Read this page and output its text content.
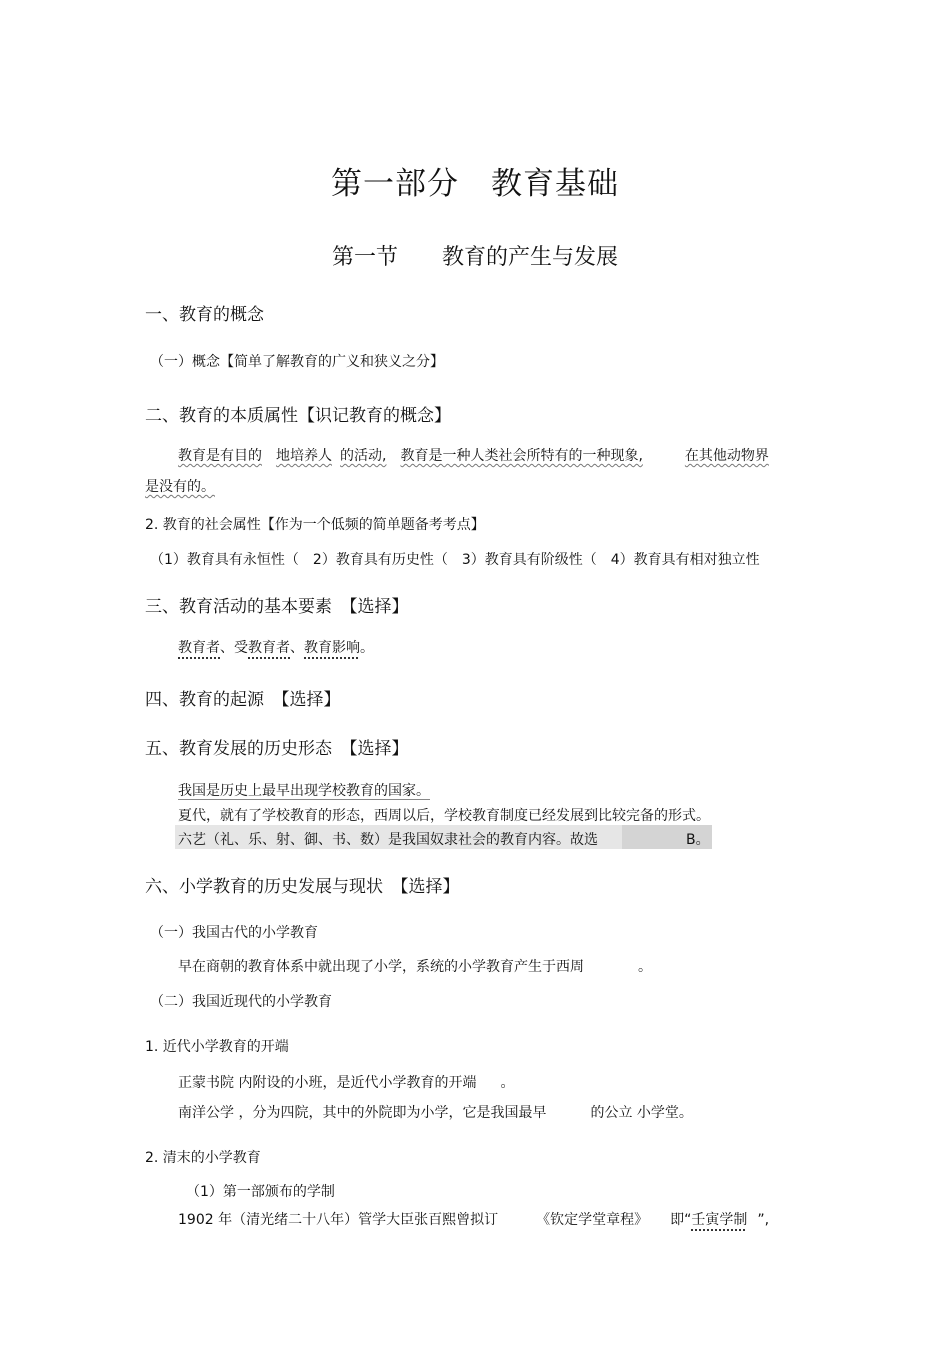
第一部分　教育基础
第一节　　教育的产生与发展
一、教育的概念
（一）概念【简单了解教育的广义和狭义之分】
二、教育的本质属性【识记教育的概念】
教育是有目的 地培养人 的活动, 教育是一种人类社会所特有的一种现象,	在其他动物界
是没有的。
2. 教育的社会属性【作为一个低频的简单题备考考点】
（1）教育具有永恒性（　2）教育具有历史性（　3）教育具有阶级性（　4）教育具有相对独立性
三、教育活动的基本要素　【选择】
教育者、受教育者、教育影响。
四、教育的起源　【选择】
五、教育发展的历史形态　【选择】
我国是历史上最早出现学校教育的国家。
夏代，就有了学校教育的形态，西周以后，学校教育制度已经发展到比较完备的形式。
六艺（礼、乐、射、御、书、数）是我国奴隶社会的教育内容。故选	B。
六、小学教育的历史发展与现状　【选择】
（一）我国古代的小学教育
早在商朝的教育体系中就出现了小学，系统的小学教育产生于西周	。
（二）我国近现代的小学教育
1. 近代小学教育的开端
正蒙书院 内附设的小班，是近代小学教育的开端 。
南洋公学 ，分为四院，其中的外院即为小学，它是我国最早	的公立 小学堂。
2. 清末的小学教育
（1）第一部颁布的学制
1902 年（清光绪二十八年）管学大臣张百熙曾拟订	《钦定学堂章程》 即“壬寅学制 ”,
